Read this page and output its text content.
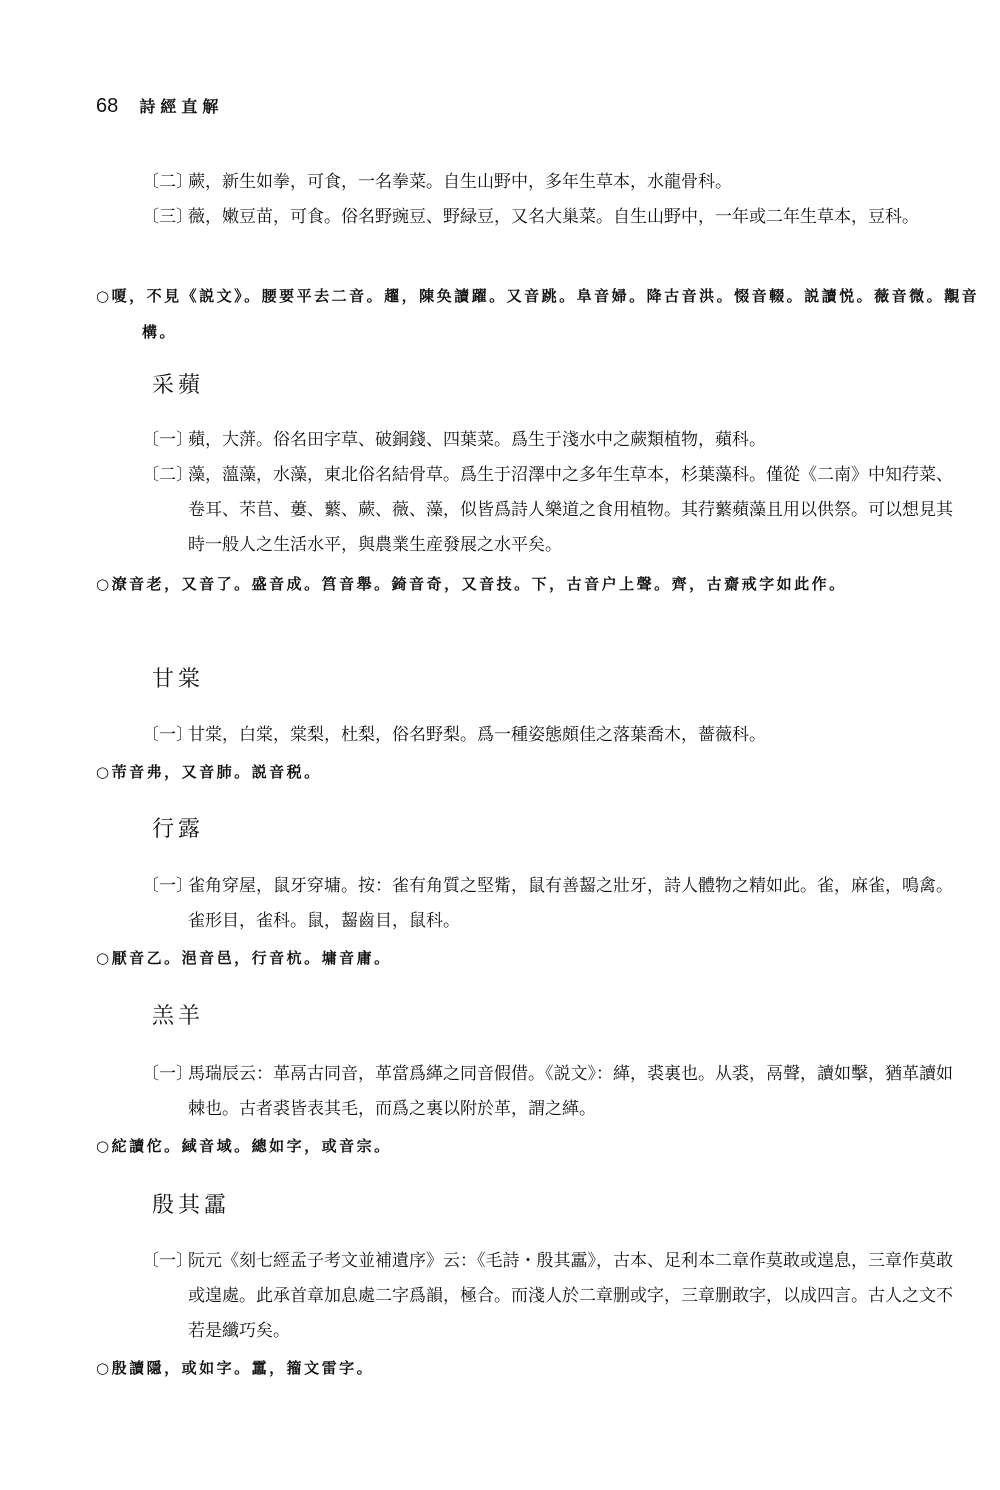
68 詩經直解
〔二〕蕨，新生如拳，可食，一名拳菜。自生山野中，多年生草本，水龍骨科。
〔三〕薇，嫩豆苗，可食。俗名野豌豆、野緑豆，又名大巢菜。自生山野中，一年或二年生草本，豆科。
○嗄，不見《説文》。腰要平去二音。趯，陳奂讀躍。又音跳。阜音婦。降古音洪。惙音輟。説讀悦。薇音微。覯音構。
采蘋
〔一〕蘋，大蓱。俗名田字草、破銅錢、四葉菜。爲生于淺水中之蕨類植物，蘋科。
〔二〕藻，薀藻，水藻，東北俗名結骨草。爲生于沼澤中之多年生草本，杉葉藻科。僅從《二南》中知荇菜、卷耳、芣苢、蔞、蘩、蕨、薇、藻，似皆爲詩人樂道之食用植物。其荇蘩蘋藻且用以供祭。可以想見其時一般人之生活水平，與農業生産發展之水平矣。
○潦音老，又音了。盛音成。筥音舉。錡音奇，又音技。下，古音户上聲。齊，古齋戒字如此作。
甘棠
〔一〕甘棠，白棠，棠梨，杜梨，俗名野梨。爲一種姿態頗佳之落葉喬木，薔薇科。
○芾音弗，又音肺。説音税。
行露
〔一〕雀角穿屋，鼠牙穿墉。按：雀有角質之堅觜，鼠有善齧之壯牙，詩人體物之精如此。雀，麻雀，鳴禽。雀形目，雀科。鼠，齧齒目，鼠科。
○厭音乙。浥音邑，行音杭。墉音庸。
羔羊
〔一〕馬瑞辰云：革鬲古同音，革當爲緙之同音假借。《説文》：緙，裘裏也。从裘，鬲聲，讀如擊，猶革讀如棘也。古者裘皆表其毛，而爲之裏以附於革，謂之緙。
○紽讀佗。緎音域。總如字，或音宗。
殷其靁
〔一〕阮元《刻七經孟子考文並補遺序》云：《毛詩・殷其靁》，古本、足利本二章作莫敢或遑息，三章作莫敢或遑處。此承首章加息處二字爲韻，極合。而淺人於二章删或字，三章删敢字，以成四言。古人之文不若是纖巧矣。
○殷讀隱，或如字。靁，籀文雷字。
